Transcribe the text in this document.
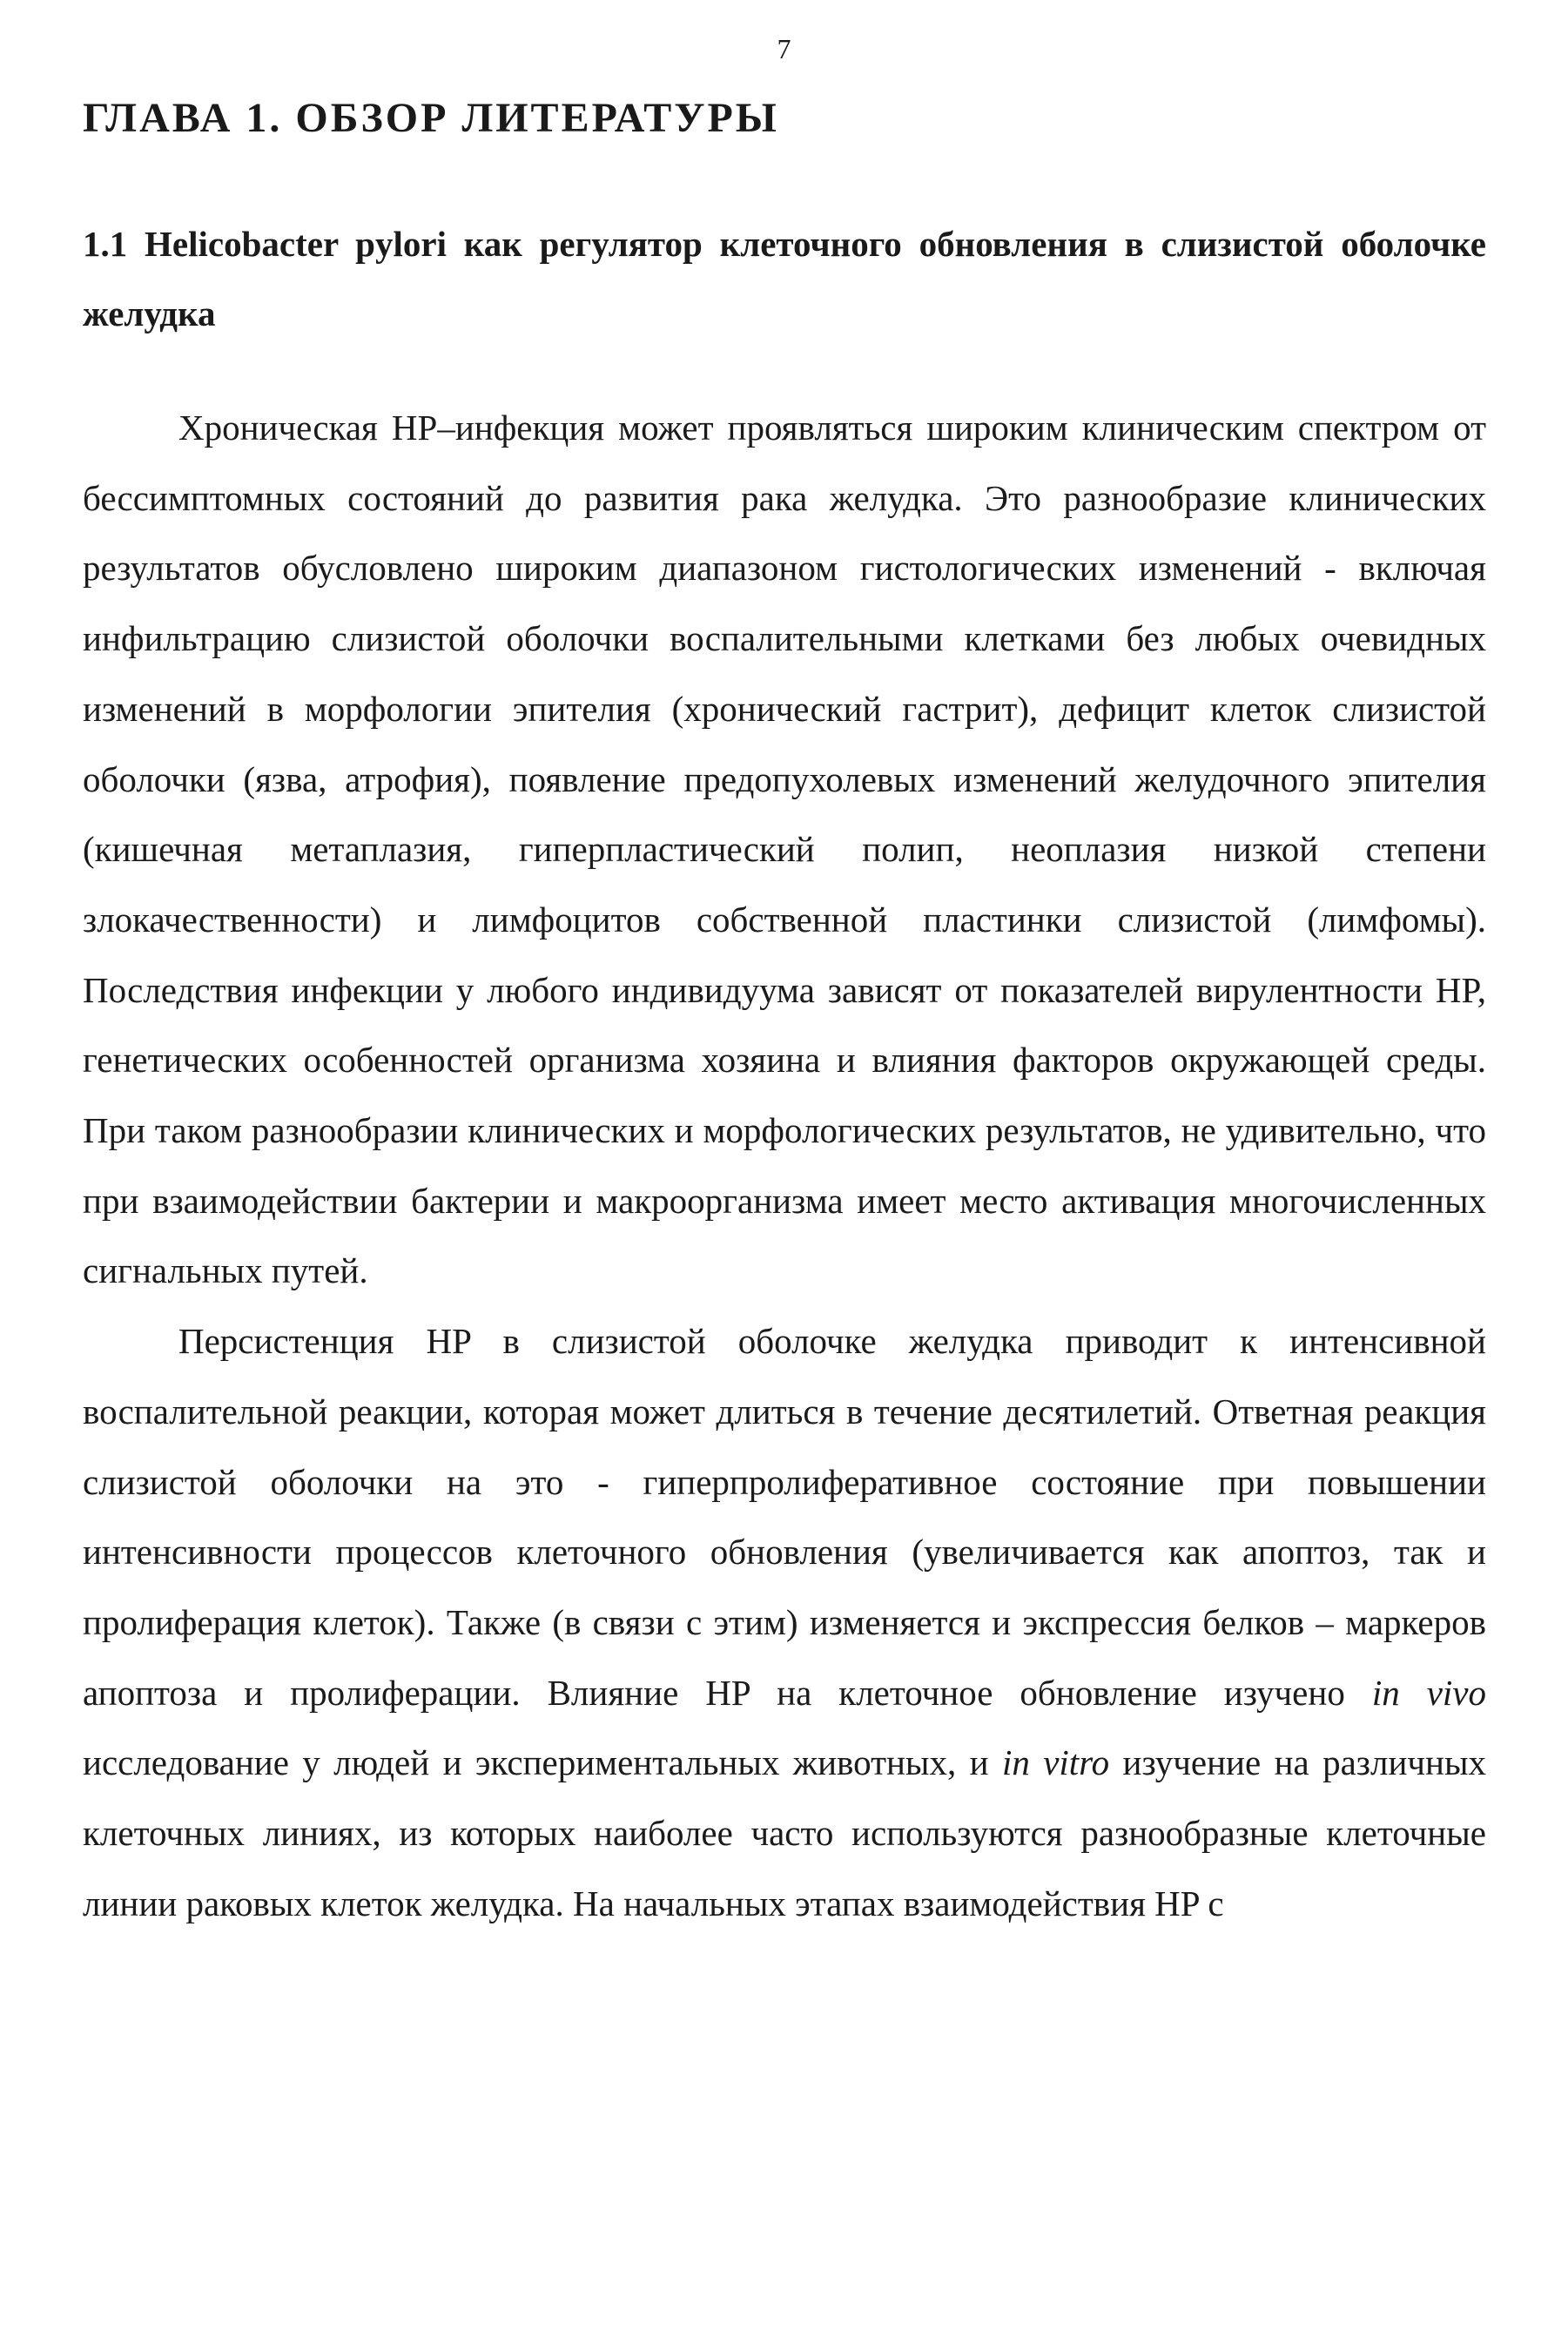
7
ГЛАВА 1. ОБЗОР ЛИТЕРАТУРЫ
1.1 Helicobacter pylori как регулятор клеточного обновления в слизистой оболочке желудка

Хроническая HP–инфекция может проявляться широким клиническим спектром от бессимптомных состояний до развития рака желудка. Это разнообразие клинических результатов обусловлено широким диапазоном гистологических изменений - включая инфильтрацию слизистой оболочки воспалительными клетками без любых очевидных изменений в морфологии эпителия (хронический гастрит), дефицит клеток слизистой оболочки (язва, атрофия), появление предопухолевых изменений желудочного эпителия (кишечная метаплазия, гиперпластический полип, неоплазия низкой степени злокачественности) и лимфоцитов собственной пластинки слизистой (лимфомы). Последствия инфекции у любого индивидуума зависят от показателей вирулентности HP, генетических особенностей организма хозяина и влияния факторов окружающей среды. При таком разнообразии клинических и морфологических результатов, не удивительно, что при взаимодействии бактерии и макроорганизма имеет место активация многочисленных сигнальных путей.

Персистенция HP в слизистой оболочке желудка приводит к интенсивной воспалительной реакции, которая может длиться в течение десятилетий. Ответная реакция слизистой оболочки на это - гиперпролиферативное состояние при повышении интенсивности процессов клеточного обновления (увеличивается как апоптоз, так и пролиферация клеток). Также (в связи с этим) изменяется и экспрессия белков – маркеров апоптоза и пролиферации. Влияние HP на клеточное обновление изучено in vivo исследование у людей и экспериментальных животных, и in vitro изучение на различных клеточных линиях, из которых наиболее часто используются разнообразные клеточные линии раковых клеток желудка. На начальных этапах взаимодействия HP с
